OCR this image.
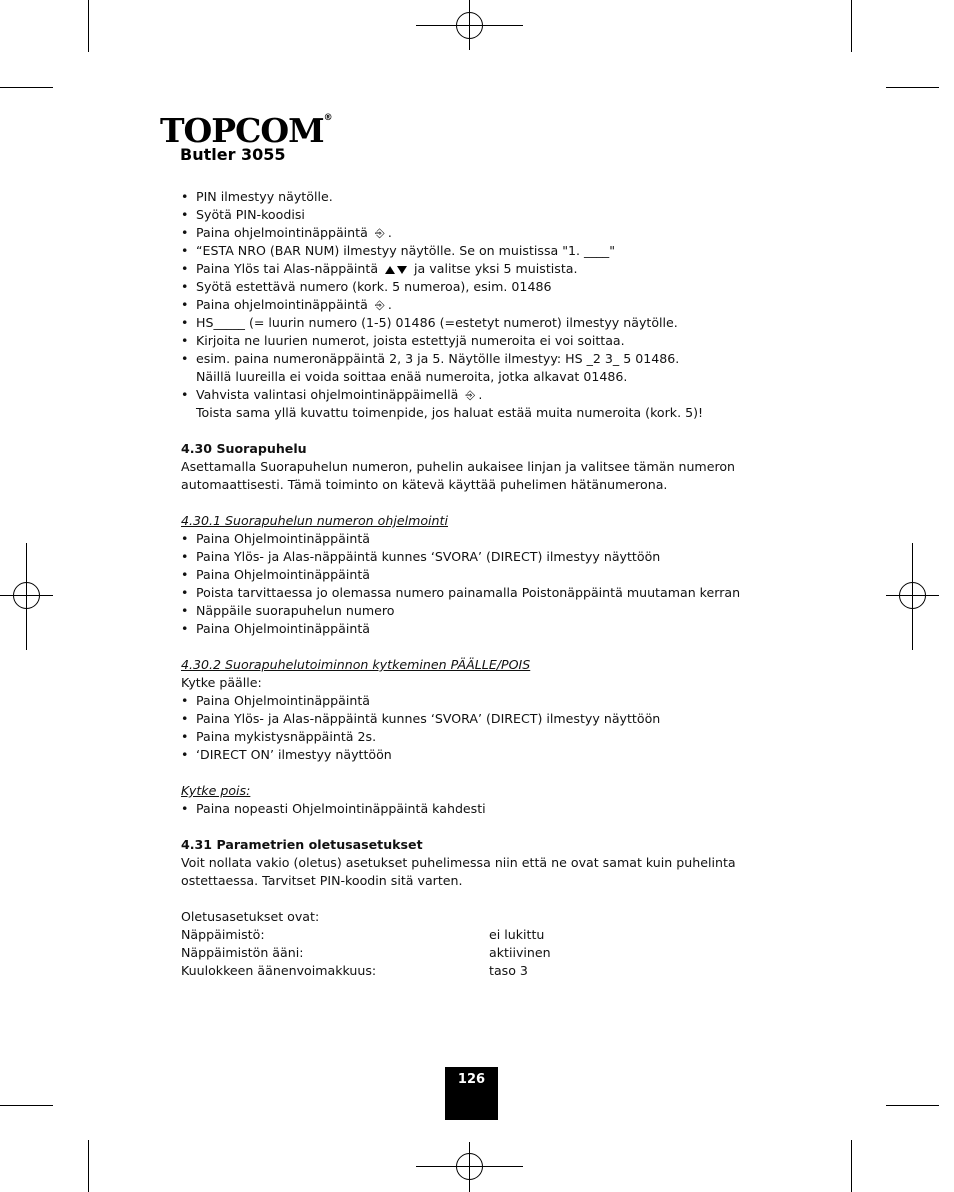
TOPCOM®
Butler 3055
• PIN ilmestyy näytölle.
• Syötä PIN-koodisi
• Paina ohjelmointinäppäintä ⎆ .
• “ESTA NRO (BAR NUM) ilmestyy näytölle. Se on muistissa "1. ____"
• Paina Ylös tai Alas-näppäintä  ja valitse yksi 5 muistista.
• Syötä estettävä numero (kork. 5 numeroa), esim. 01486
• Paina ohjelmointinäppäintä ⎆ .
• HS_____ (= luurin numero (1-5) 01486 (=estetyt numerot) ilmestyy näytölle.
• Kirjoita ne luurien numerot, joista estettyjä numeroita ei voi soittaa.
• esim. paina numeronäppäintä 2, 3 ja 5. Näytölle ilmestyy: HS _2 3_ 5 01486.
Näillä luureilla ei voida soittaa enää numeroita, jotka alkavat 01486.
• Vahvista valintasi ohjelmointinäppäimellä ⎆ .
Toista sama yllä kuvattu toimenpide, jos haluat estää muita numeroita (kork. 5)!
4.30 Suorapuhelu

Asettamalla Suorapuhelun numeron, puhelin aukaisee linjan ja valitsee tämän numeron

automaattisesti. Tämä toiminto on kätevä käyttää puhelimen hätänumerona.

4.30.1 Suorapuhelun numeron ohjelmointi
• Paina Ohjelmointinäppäintä
• Paina Ylös- ja Alas-näppäintä kunnes ‘SVORA’ (DIRECT) ilmestyy näyttöön
• Paina Ohjelmointinäppäintä
• Poista tarvittaessa jo olemassa numero painamalla Poistonäppäintä muutaman kerran
• Näppäile suorapuhelun numero
• Paina Ohjelmointinäppäintä
4.30.2 Suorapuhelutoiminnon kytkeminen PÄÄLLE/POIS

Kytke päälle:

• Paina Ohjelmointinäppäintä
• Paina Ylös- ja Alas-näppäintä kunnes ‘SVORA’ (DIRECT) ilmestyy näyttöön
• Paina mykistysnäppäintä 2s.
• ‘DIRECT ON’ ilmestyy näyttöön
Kytke pois:
• Paina nopeasti Ohjelmointinäppäintä kahdesti
4.31 Parametrien oletusasetukset

Voit nollata vakio (oletus) asetukset puhelimessa niin että ne ovat samat kuin puhelinta

ostettaessa. Tarvitset PIN-koodin sitä varten.

Oletusasetukset ovat:

Näppäimistö:	ei lukittu
Näppäimistön ääni:	aktiivinen
Kuulokkeen äänenvoimakkuus:	taso 3
126
